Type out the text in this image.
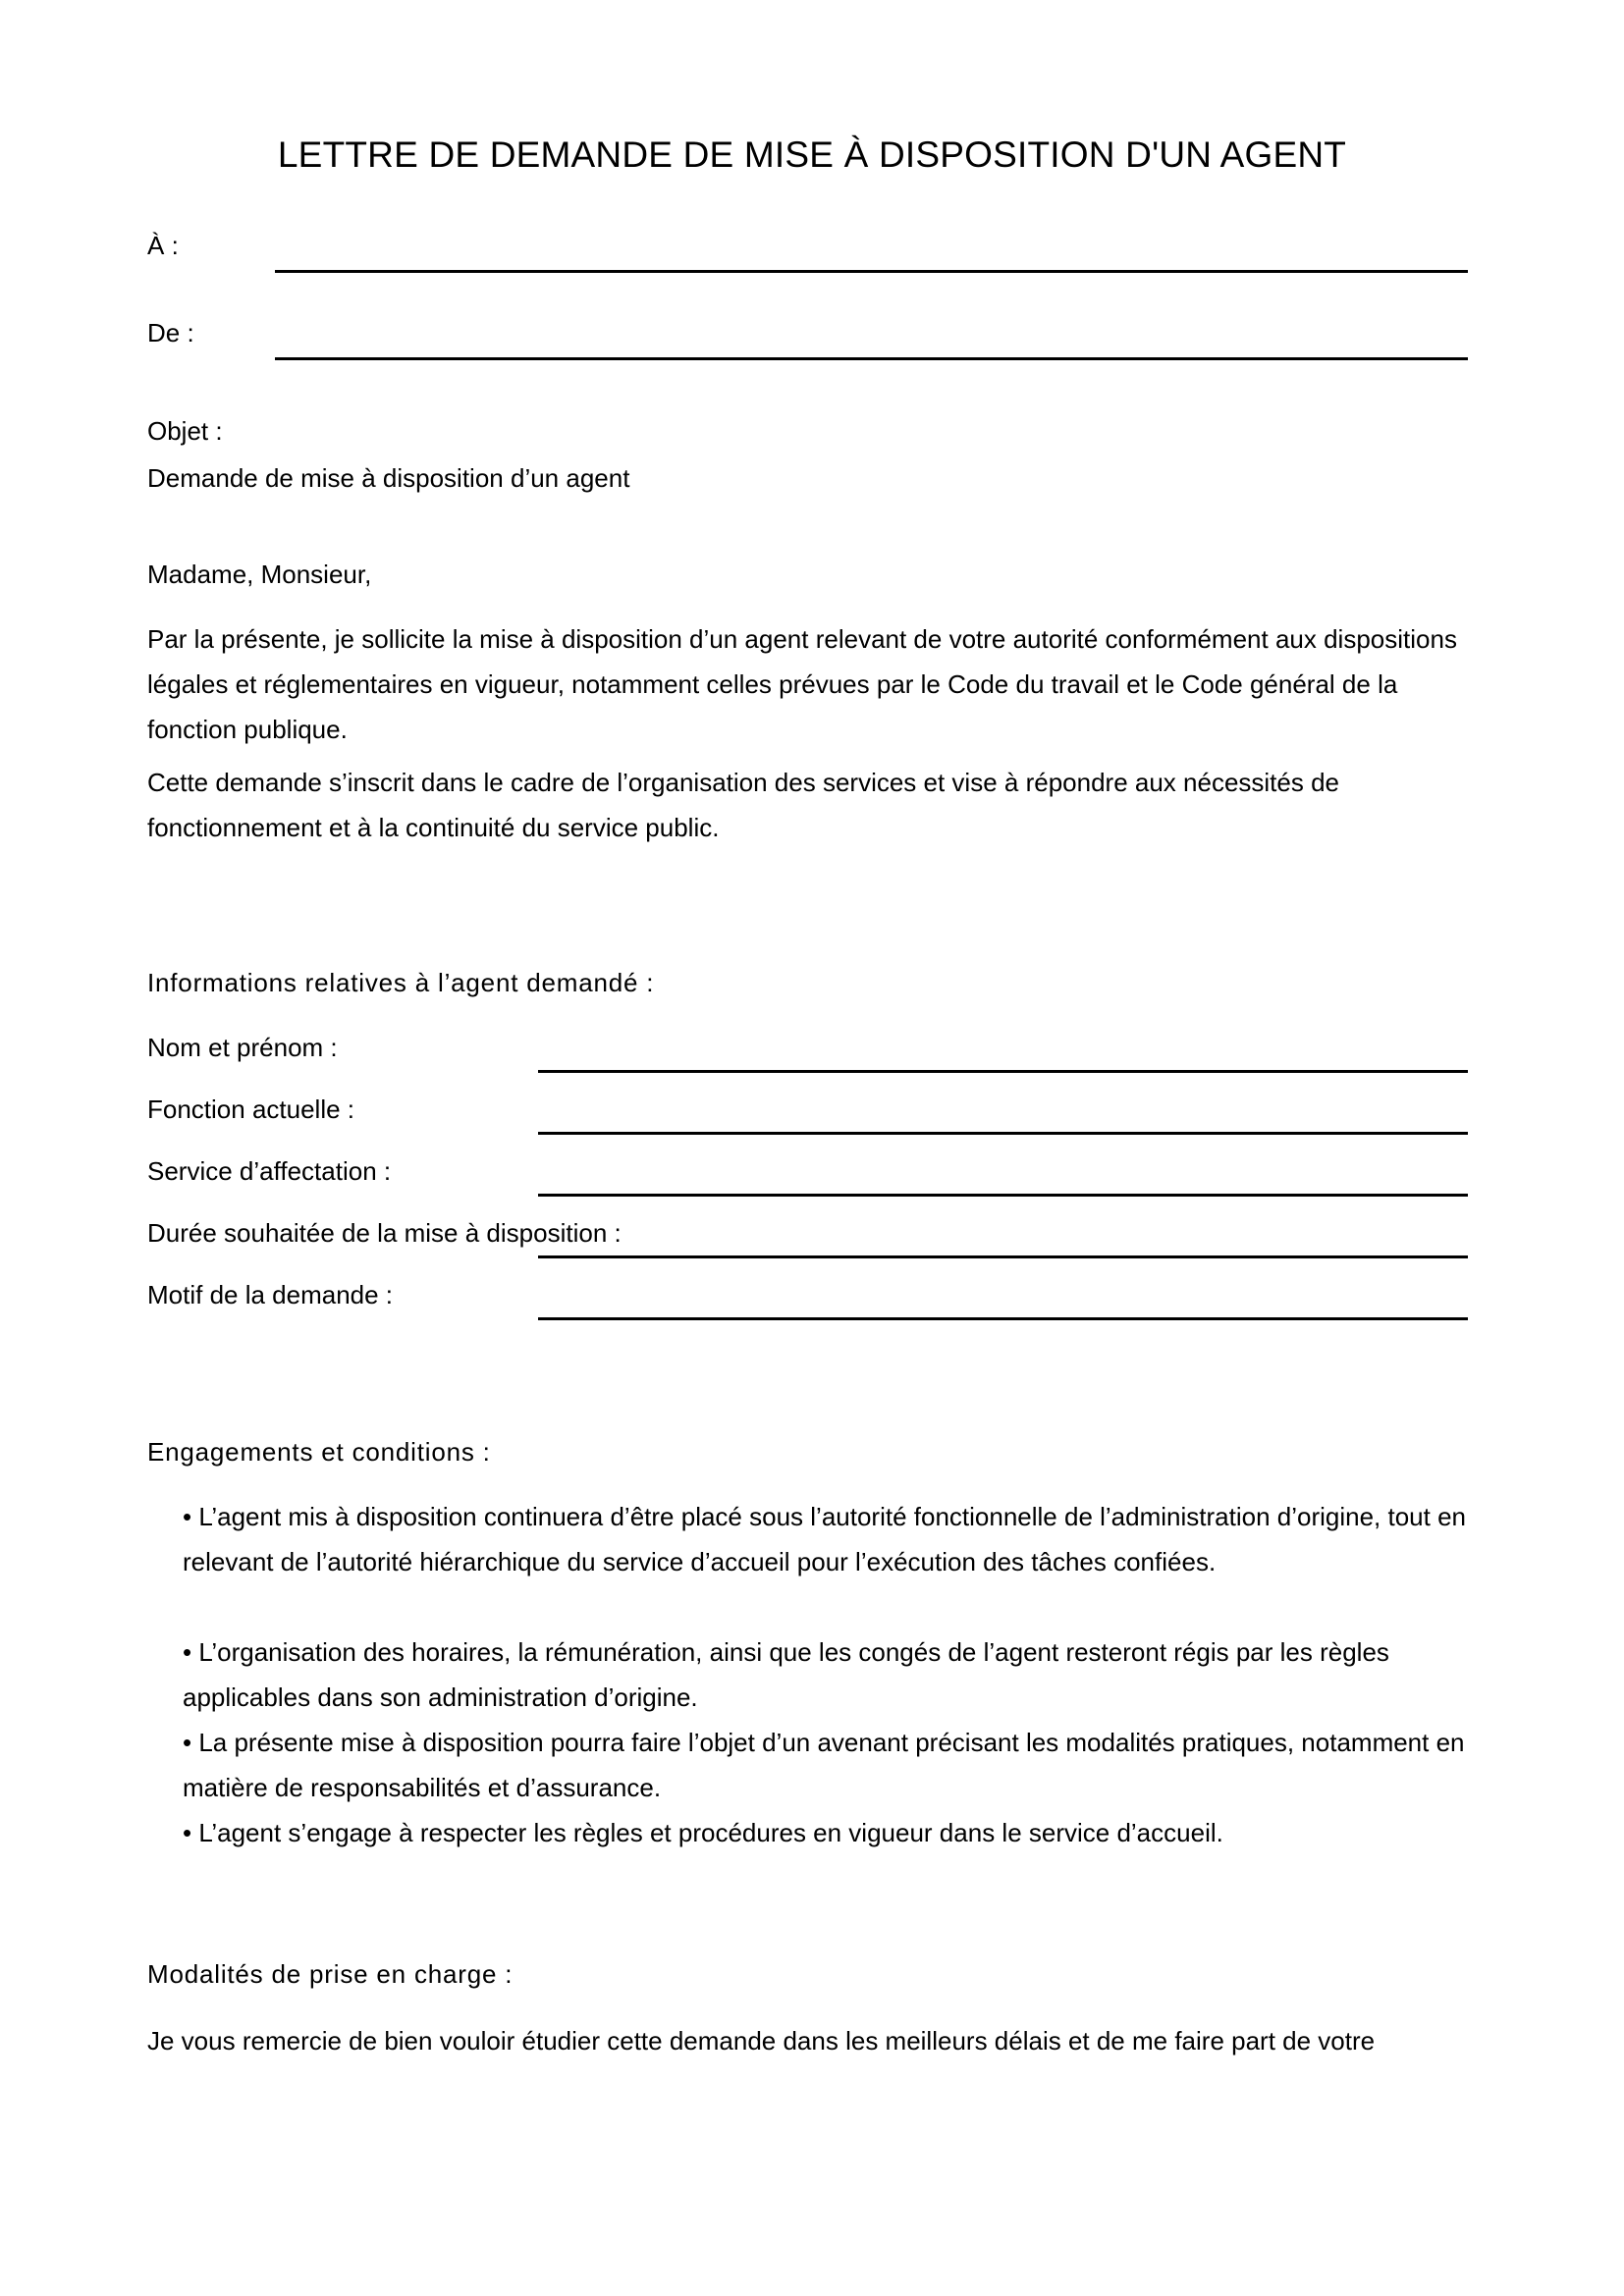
LETTRE DE DEMANDE DE MISE À DISPOSITION D'UN AGENT
À :
De :
Objet :
Demande de mise à disposition d’un agent
Madame, Monsieur,
Par la présente, je sollicite la mise à disposition d’un agent relevant de votre autorité conformément aux dispositions légales et réglementaires en vigueur, notamment celles prévues par le Code du travail et le Code général de la fonction publique.
Cette demande s’inscrit dans le cadre de l’organisation des services et vise à répondre aux nécessités de fonctionnement et à la continuité du service public.
Informations relatives à l’agent demandé :
Nom et prénom :
Fonction actuelle :
Service d’affectation :
Durée souhaitée de la mise à disposition :
Motif de la demande :
Engagements et conditions :
• L’agent mis à disposition continuera d’être placé sous l’autorité fonctionnelle de l’administration d’origine, tout en relevant de l’autorité hiérarchique du service d’accueil pour l’exécution des tâches confiées.
• L’organisation des horaires, la rémunération, ainsi que les congés de l’agent resteront régis par les règles applicables dans son administration d’origine.
• La présente mise à disposition pourra faire l’objet d’un avenant précisant les modalités pratiques, notamment en matière de responsabilités et d’assurance.
• L’agent s’engage à respecter les règles et procédures en vigueur dans le service d’accueil.
Modalités de prise en charge :
Je vous remercie de bien vouloir étudier cette demande dans les meilleurs délais et de me faire part de votre
